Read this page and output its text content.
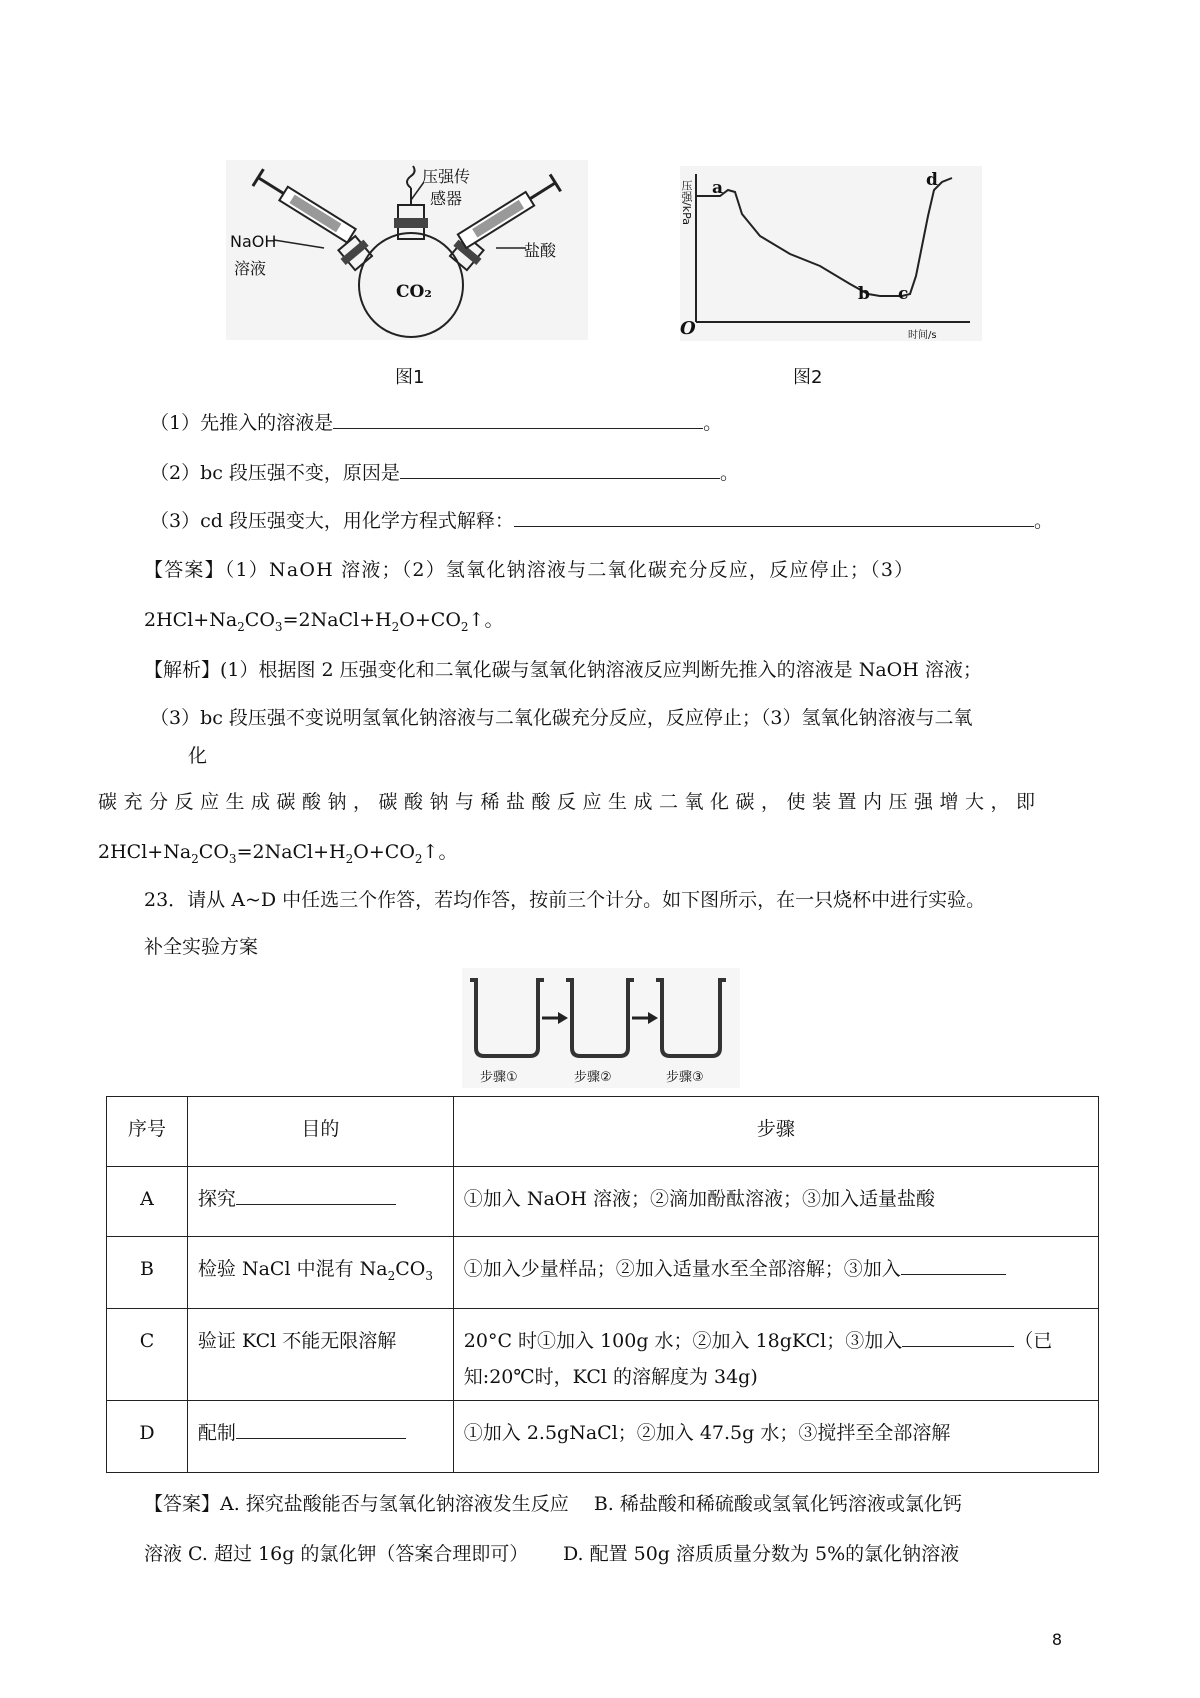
压强传
感器
NaOH
溶液
盐酸
CO₂
图1
压强/kPa
时间/s
O
a
b c
d
图2
（1）先推入的溶液是	。
（2）bc 段压强不变，原因是	。
（3）cd 段压强变大，用化学方程式解释：	。
【答案】（1）NaOH 溶液；（2）氢氧化钠溶液与二氧化碳充分反应，反应停止；（3）
$2HCl+Na_2CO_3=2NaCl+H_2O+CO_2↑$。
【解析】(1）根据图 2 压强变化和二氧化碳与氢氧化钠溶液反应判断先推入的溶液是 NaOH 溶液；
（3）bc 段压强不变说明氢氧化钠溶液与二氧化碳充分反应，反应停止；（3）氢氧化钠溶液与二氧
化
碳充分反应生成碳酸钠，碳酸钠与稀盐酸反应生成二氧化碳，使装置内压强增大，即
$2HCl+Na_2CO_3=2NaCl+H_2O+CO_2↑$。
23．请从 A~D 中任选三个作答，若均作答，按前三个计分。如下图所示，在一只烧杯中进行实验。
补全实验方案
步骤①	步骤②	步骤③
序号	目的	步骤
A	探究	①加入 NaOH 溶液；②滴加酚酞溶液；③加入适量盐酸
B	检验 NaCl 中混有 $Na_2CO_3$	①加入少量样品；②加入适量水至全部溶解；③加入
C	验证 KCl 不能无限溶解	20°C 时①加入 100g 水；②加入 18gKCl；③加入 （已知:20℃时，KCl 的溶解度为 34g)
D	配制	①加入 2.5gNaCl；②加入 47.5g 水；③搅拌至全部溶解
【答案】A. 探究盐酸能否与氢氧化钠溶液发生反应　 B. 稀盐酸和稀硫酸或氢氧化钙溶液或氯化钙
溶液 C. 超过 16g 的氯化钾（答案合理即可）　　 D. 配置 50g 溶质质量分数为 5%的氯化钠溶液
8
